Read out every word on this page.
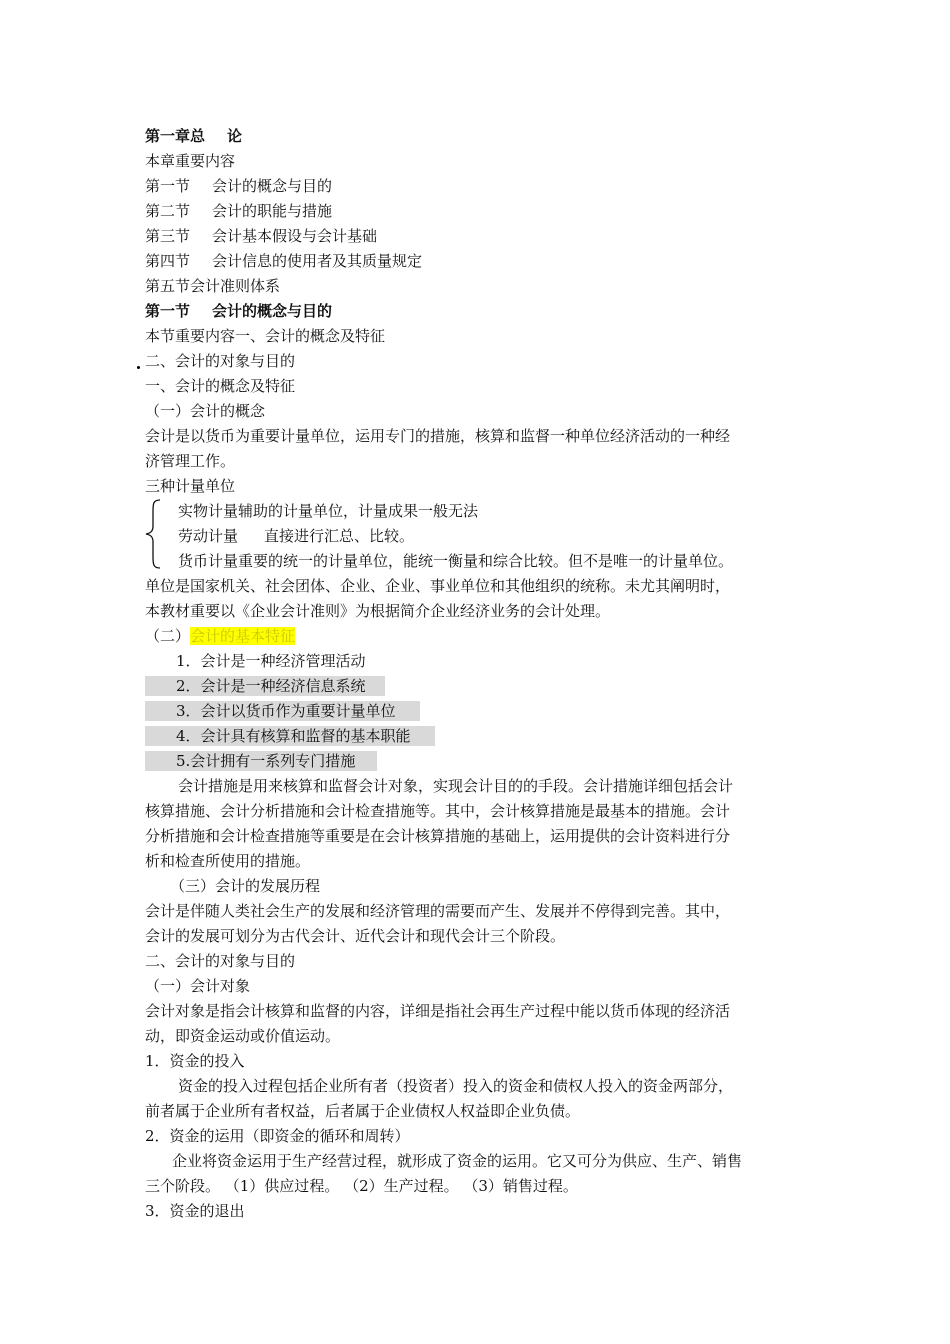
第一章总 论
本章重要内容
第一节 会计的概念与目的
第二节 会计的职能与措施
第三节 会计基本假设与会计基础
第四节 会计信息的使用者及其质量规定
第五节会计准则体系
第一节 会计的概念与目的
本节重要内容一、会计的概念及特征
二、会计的对象与目的
一、会计的概念及特征
（一）会计的概念
会计是以货币为重要计量单位，运用专门的措施，核算和监督一种单位经济活动的一种经
济管理工作。
三种计量单位
实物计量辅助的计量单位，计量成果一般无法
劳动计量 直接进行汇总、比较。
货币计量重要的统一的计量单位，能统一衡量和综合比较。但不是唯一的计量单位。
单位是国家机关、社会团体、企业、企业、事业单位和其他组织的统称。未尤其阐明时，
本教材重要以《企业会计准则》为根据简介企业经济业务的会计处理。
（二）会计的基本特征
1．会计是一种经济管理活动
2．会计是一种经济信息系统
3．会计以货币作为重要计量单位
4．会计具有核算和监督的基本职能
5.会计拥有一系列专门措施
会计措施是用来核算和监督会计对象，实现会计目的的手段。会计措施详细包括会计
核算措施、会计分析措施和会计检查措施等。其中，会计核算措施是最基本的措施。会计
分析措施和会计检查措施等重要是在会计核算措施的基础上，运用提供的会计资料进行分
析和检查所使用的措施。
（三）会计的发展历程
会计是伴随人类社会生产的发展和经济管理的需要而产生、发展并不停得到完善。其中，
会计的发展可划分为古代会计、近代会计和现代会计三个阶段。
二、会计的对象与目的
（一）会计对象
会计对象是指会计核算和监督的内容，详细是指社会再生产过程中能以货币体现的经济活
动，即资金运动或价值运动。
1．资金的投入
资金的投入过程包括企业所有者（投资者）投入的资金和债权人投入的资金两部分，
前者属于企业所有者权益，后者属于企业债权人权益即企业负债。
2．资金的运用（即资金的循环和周转）
企业将资金运用于生产经营过程，就形成了资金的运用。它又可分为供应、生产、销售
三个阶段。 （1）供应过程。 （2）生产过程。 （3）销售过程。
3．资金的退出
